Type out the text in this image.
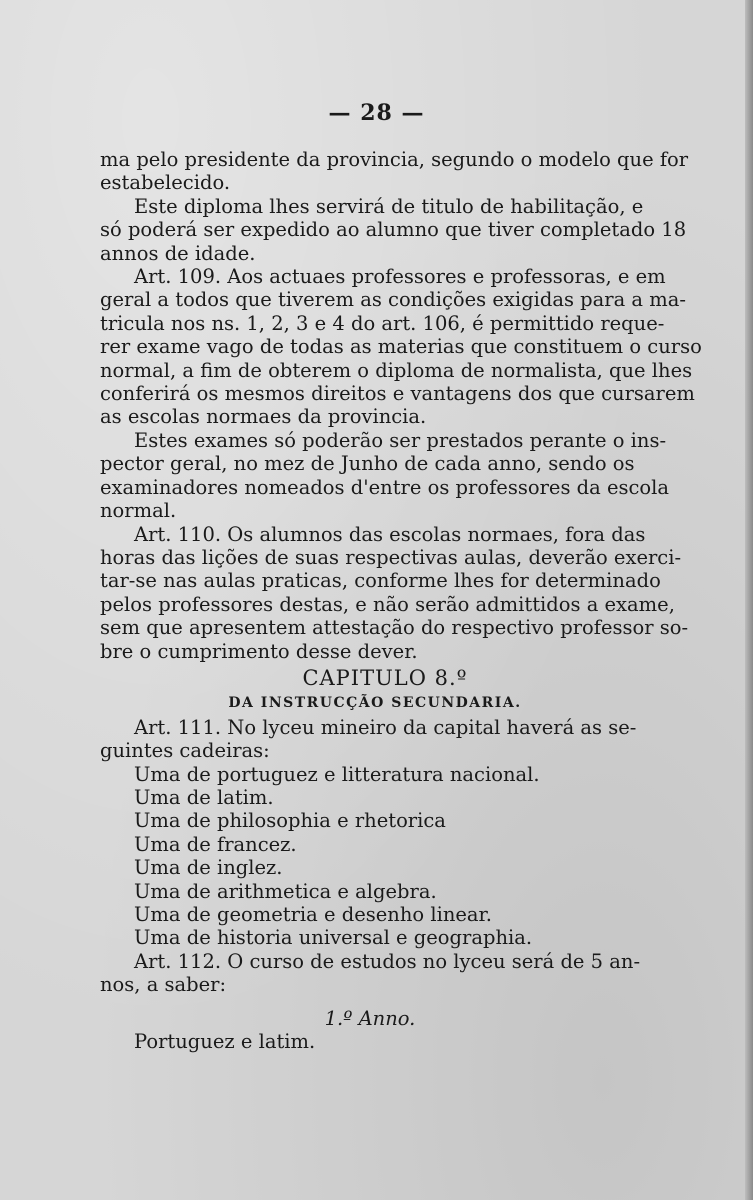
— 28 —
ma pelo presidente da provincia, segundo o modelo que for
estabelecido.
Este diploma lhes servirá de titulo de habilitação, e
só poderá ser expedido ao alumno que tiver completado 18
annos de idade.
Art. 109. Aos actuaes professores e professoras, e em
geral a todos que tiverem as condições exigidas para a ma-
tricula nos ns. 1, 2, 3 e 4 do art. 106, é permittido reque-
rer exame vago de todas as materias que constituem o curso
normal, a fim de obterem o diploma de normalista, que lhes
conferirá os mesmos direitos e vantagens dos que cursarem
as escolas normaes da provincia.
Estes exames só poderão ser prestados perante o ins-
pector geral, no mez de Junho de cada anno, sendo os
examinadores nomeados d'entre os professores da escola
normal.
Art. 110. Os alumnos das escolas normaes, fora das
horas das lições de suas respectivas aulas, deverão exerci-
tar-se nas aulas praticas, conforme lhes for determinado
pelos professores destas, e não serão admittidos a exame,
sem que apresentem attestação do respectivo professor so-
bre o cumprimento desse dever.
CAPITULO 8.º
DA INSTRUCÇÃO SECUNDARIA.
Art. 111. No lyceu mineiro da capital haverá as se-
guintes cadeiras:
Uma de portuguez e litteratura nacional.
Uma de latim.
Uma de philosophia e rhetorica
Uma de francez.
Uma de inglez.
Uma de arithmetica e algebra.
Uma de geometria e desenho linear.
Uma de historia universal e geographia.
Art. 112. O curso de estudos no lyceu será de 5 an-
nos, a saber:
1.º Anno.
Portuguez e latim.
